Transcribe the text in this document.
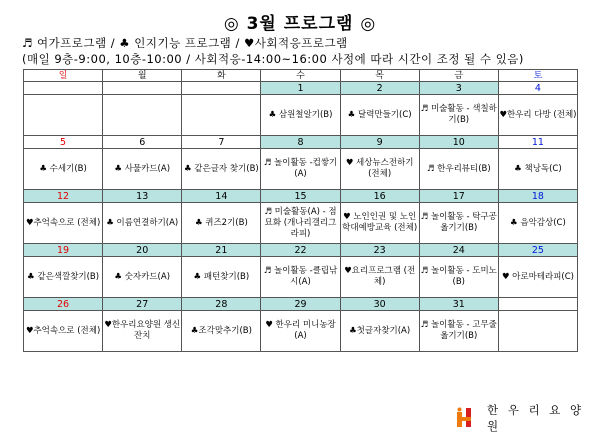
◎ 3월 프로그램 ◎
♬ 여가프로그램 / ♣ 인지기능 프로그램 / ♥사회적응프로그램
(매일 9층-9:00, 10층-10:00 / 사회적응-14:00~16:00 사정에 따라 시간이 조정 될 수 있음)
일	월	화	수	목	금	토
			1	2	3	4
			♣ 삼원철알기(B)	♣ 달력만들기(C)	♬ 미술활동 - 색칠하기(B)	♥한우리 다방 (전체)
5	6	7	8	9	10	11
♣ 수세기(B)	♣ 사물카드(A)	♣ 같은글자 찾기(B)	♬ 놀이활동 -컵쌓기(A)	♥ 세상뉴스전하기 (전체)	♬ 한우리뷰티(B)	♣ 책낭독(C)
12	13	14	15	16	17	18
♥추억속으로 (전체)	♣ 이름연결하기(A)	♣ 퀴즈2기(B)	♬ 미술활동(A) - 점묘화 (개나리갤리그라피)	♥ 노인인권 및 노인학대예방교육 (전체)	♬ 놀이활동 - 탁구공 옮기기(B)	♣ 음악감상(C)
19	20	21	22	23	24	25
♣ 같은색깔찾기(B)	♣ 숫자카드(A)	♣ 패턴찾기(B)	♬ 놀이활동 -클립낚시(A)	♥요리프로그램 (전체)	♬ 놀이활동 - 도미노(B)	♥ 아로마테라피(C)
26	27	28	29	30	31	
♥추억속으로 (전체)	♥한우리요양원 생신잔치	♣조각맞추기(B)	♥ 한우리 미니농장(A)	♣첫글자찾기(A)	♬ 놀이활동 - 고무줄 옮기기(B)	
한 우 리 요 양 원
